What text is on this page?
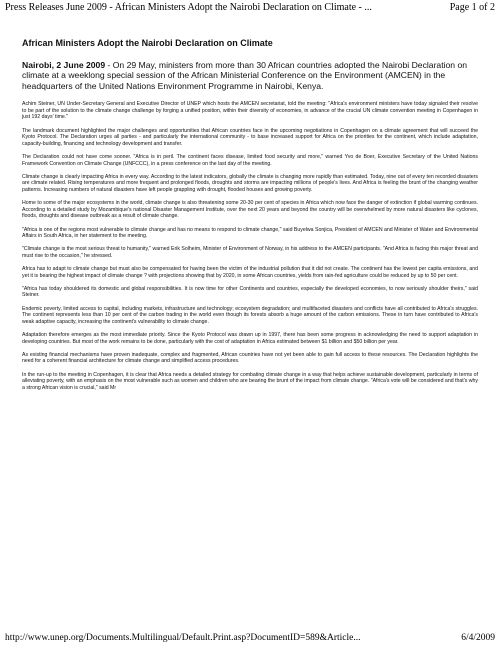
Press Releases June 2009 - African Ministers Adopt the Nairobi Declaration on Climate - ...	Page 1 of 2
African Ministers Adopt the Nairobi Declaration on Climate

Nairobi, 2 June 2009 - On 29 May, ministers from more than 30 African countries adopted the Nairobi Declaration on climate at a weeklong special session of the African Ministerial Conference on the Environment (AMCEN) in the headquarters of the United Nations Environment Programme in Nairobi, Kenya.

Achim Steiner, UN Under-Secretary General and Executive Director of UNEP which hosts the AMCEN secretariat, told the meeting: "Africa's environment ministers have today signaled their resolve to be part of the solution to the climate change challenge by forging a unified position, within their diversity of economies, in advance of the crucial UN climate convention meeting in Copenhagen in just 192 days' time."

The landmark document highlighted the major challenges and opportunities that African countries face in the upcoming negotiations in Copenhagen on a climate agreement that will succeed the Kyoto Protocol. The Declaration urges all parties - and particularly the international community - to base increased support for Africa on the priorities for the continent, which include adaptation, capacity-building, financing and technology development and transfer.

The Declaration could not have come sooner. "Africa is in peril. The continent faces disease, limited food security and more," warned Yvo de Boer, Executive Secretary of the United Nations Framework Convention on Climate Change (UNFCCC), in a press conference on the last day of the meeting.

Climate change is clearly impacting Africa in every way. According to the latest indicators, globally the climate is changing more rapidly than estimated. Today, nine out of every ten recorded disasters are climate related. Rising temperatures and more frequent and prolonged floods, droughts and storms are impacting millions of people's lives. And Africa is feeling the brunt of the changing weather patterns. Increasing numbers of natural disasters have left people grappling with drought, flooded houses and growing poverty.

Home to some of the major ecosystems in the world, climate change is also threatening some 20-30 per cent of species in Africa which now face the danger of extinction if global warming continues. According to a detailed study by Mozambique's national Disaster Management Institute, over the next 20 years and beyond the country will be overwhelmed by more natural disasters like cyclones, floods, droughts and disease outbreak as a result of climate change.

"Africa is one of the regions most vulnerable to climate change and has no means to respond to climate change," said Buyelwa Sonjica, President of AMCEN and Minister of Water and Environmental Affairs in South Africa, in her statement to the meeting.

"Climate change is the most serious threat to humanity," warned Erik Solheim, Minister of Environment of Norway, in his address to the AMCEN participants. "And Africa is facing this major threat and must rise to the occasion," he stressed.

Africa has to adapt to climate change but must also be compensated for having been the victim of the industrial pollution that it did not create. The continent has the lowest per capita emissions, and yet it is bearing the highest impact of climate change ? with projections showing that by 2020, in some African countries, yields from rain-fed agriculture could be reduced by up to 50 per cent.

"Africa has today shouldered its domestic and global responsibilities. It is now time for other Continents and countries, especially the developed economies, to now seriously shoulder theirs," said Steiner.

Endemic poverty, limited access to capital, including markets, infrastructure and technology; ecosystem degradation; and multifaceted disasters and conflicts have all contributed to Africa's struggles. The continent represents less than 10 per cent of the carbon trading in the world even though its forests absorb a huge amount of the carbon emissions. These in turn have contributed to Africa's weak adaptive capacity, increasing the continent's vulnerability to climate change.

Adaptation therefore emerges as the most immediate priority. Since the Kyoto Protocol was drawn up in 1997, there has been some progress in acknowledging the need to support adaptation in developing countries. But most of the work remains to be done, particularly with the cost of adaptation in Africa estimated between $1 billion and $50 billion per year.

As existing financial mechanisms have proven inadequate, complex and fragmented, African countries have not yet been able to gain full access to these resources. The Declaration highlights the need for a coherent financial architecture for climate change and simplified access procedures.

In the run-up to the meeting in Copenhagen, it is clear that Africa needs a detailed strategy for combating climate change in a way that helps achieve sustainable development, particularly in terms of alleviating poverty, with an emphasis on the most vulnerable such as women and children who are bearing the brunt of the impact from climate change. "Africa's vote will be considered and that's why a strong African vision is crucial," said Mr

http://www.unep.org/Documents.Multilingual/Default.Print.asp?DocumentID=589&Article...	6/4/2009
